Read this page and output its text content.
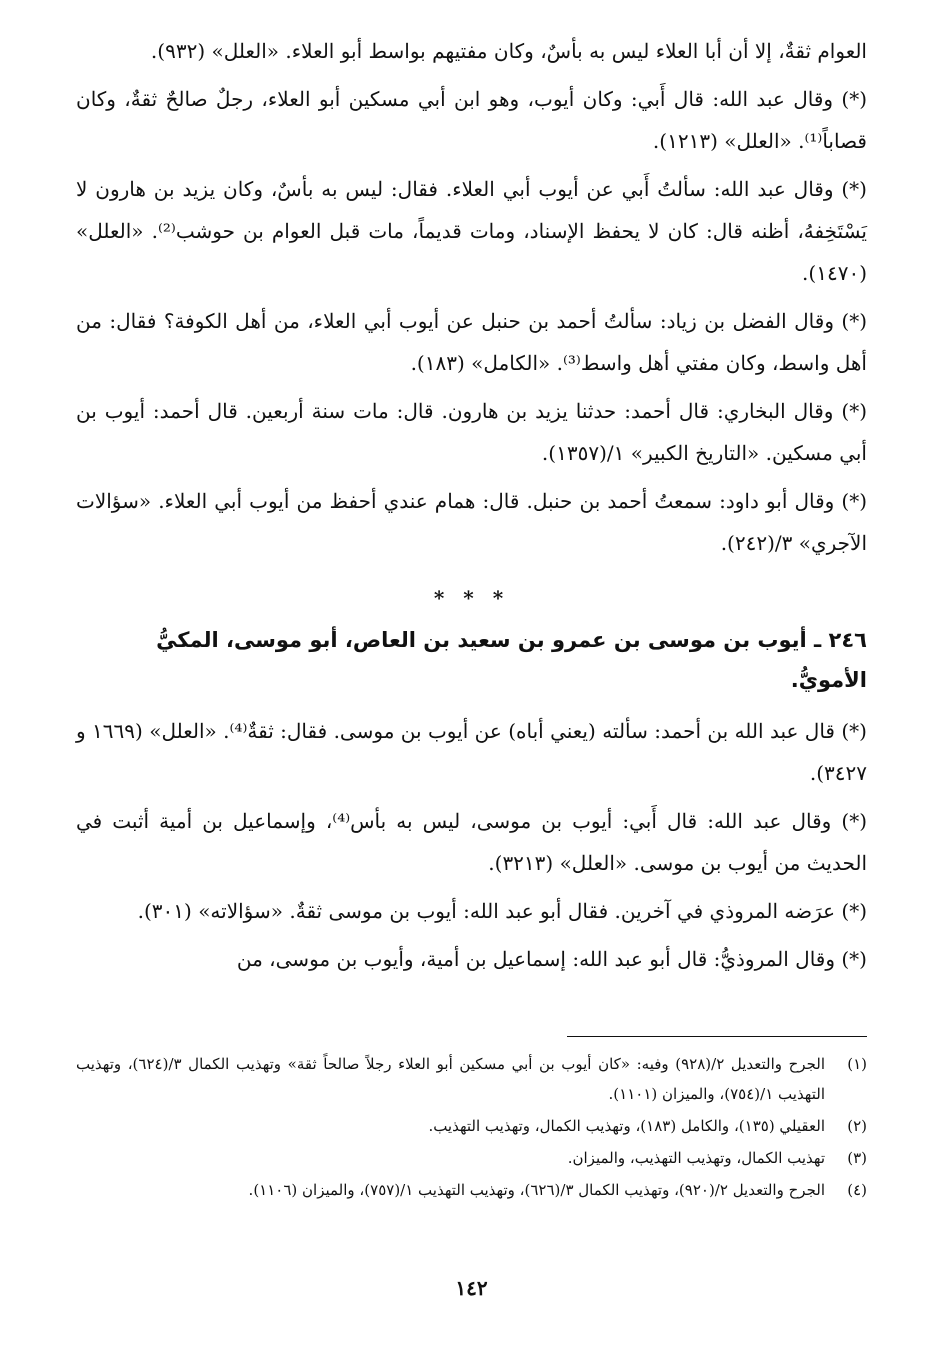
العوام ثقةٌ، إلا أن أبا العلاء ليس به بأسٌ، وكان مفتيهم بواسط أبو العلاء. «العلل» (٩٣٢).

(*) وقال عبد الله: قال أَبي: وكان أيوب، وهو ابن أبي مسكين أبو العلاء، رجلٌ صالحٌ ثقةٌ، وكان قصاباً⁽¹⁾. «العلل» (١٢١٣).

(*) وقال عبد الله: سألتُ أَبي عن أيوب أبي العلاء. فقال: ليس به بأسٌ، وكان يزيد بن هارون لا يَسْتَخِفهُ، أظنه قال: كان لا يحفظ الإسناد، ومات قديماً، مات قبل العوام بن حوشب⁽²⁾. «العلل» (١٤٧٠).

(*) وقال الفضل بن زياد: سألتُ أحمد بن حنبل عن أيوب أبي العلاء، من أهل الكوفة؟ فقال: من أهل واسط، وكان مفتي أهل واسط⁽³⁾. «الكامل» (١٨٣).

(*) وقال البخاري: قال أحمد: حدثنا يزيد بن هارون. قال: مات سنة أربعين. قال أحمد: أيوب بن أبي مسكين. «التاريخ الكبير» ١/(١٣٥٧).

(*) وقال أبو داود: سمعتُ أحمد بن حنبل. قال: همام عندي أحفظ من أيوب أبي العلاء. «سؤالات الآجري» ٣/(٢٤٢).

* * *
٢٤٦ ـ أيوب بن موسى بن عمرو بن سعيد بن العاص، أبو موسى، المكيُّ الأمويُّ.

(*) قال عبد الله بن أحمد: سألته (يعني أباه) عن أيوب بن موسى. فقال: ثقةٌ⁽⁴⁾. «العلل» (١٦٦٩ و ٣٤٢٧).

(*) وقال عبد الله: قال أَبي: أيوب بن موسى، ليس به بأس⁽⁴⁾، وإسماعيل بن أمية أثبت في الحديث من أيوب بن موسى. «العلل» (٣٢١٣).

(*) عرَضه المروذي في آخرين. فقال أبو عبد الله: أيوب بن موسى ثقةٌ. «سؤالاته» (٣٠١).

(*) وقال المروذيُّ: قال أبو عبد الله: إسماعيل بن أمية، وأيوب بن موسى، من

(١)
الجرح والتعديل ٢/(٩٢٨) وفيه: «كان أيوب بن أبي مسكين أبو العلاء رجلاً صالحاً ثقة» وتهذيب الكمال ٣/(٦٢٤)، وتهذيب التهذيب ١/(٧٥٤)، والميزان (١١٠١).
(٢)
العقيلي (١٣٥)، والكامل (١٨٣)، وتهذيب الكمال، وتهذيب التهذيب.
(٣)
تهذيب الكمال، وتهذيب التهذيب، والميزان.
(٤)
الجرح والتعديل ٢/(٩٢٠)، وتهذيب الكمال ٣/(٦٢٦)، وتهذيب التهذيب ١/(٧٥٧)، والميزان (١١٠٦).
١٤٢
